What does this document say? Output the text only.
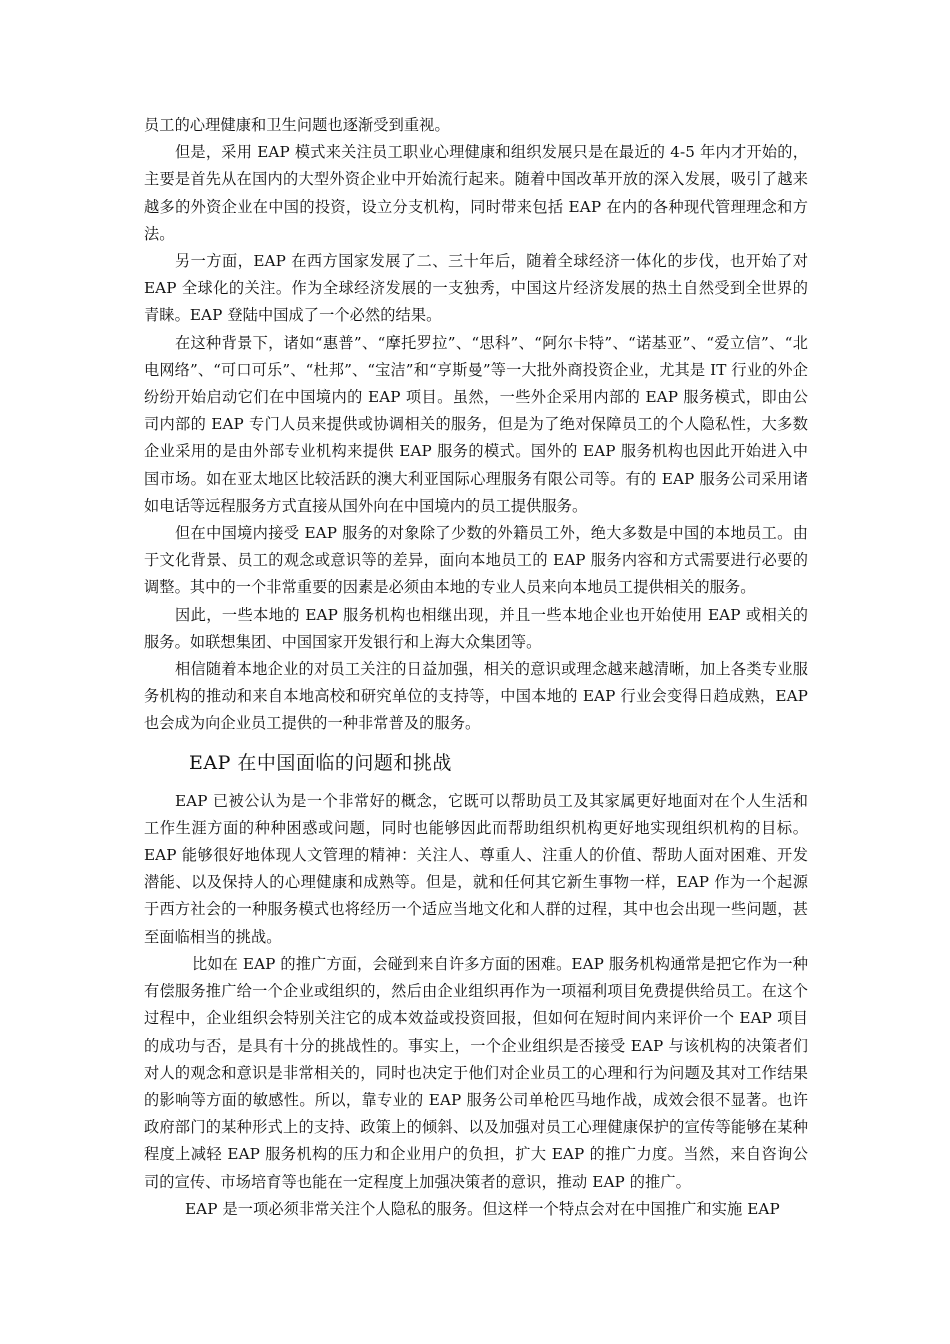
员工的心理健康和卫生问题也逐渐受到重视。

但是，采用 EAP 模式来关注员工职业心理健康和组织发展只是在最近的 4-5 年内才开始的，主要是首先从在国内的大型外资企业中开始流行起来。随着中国改革开放的深入发展，吸引了越来越多的外资企业在中国的投资，设立分支机构，同时带来包括 EAP 在内的各种现代管理理念和方法。

另一方面，EAP 在西方国家发展了二、三十年后，随着全球经济一体化的步伐，也开始了对 EAP 全球化的关注。作为全球经济发展的一支独秀，中国这片经济发展的热土自然受到全世界的青睐。EAP 登陆中国成了一个必然的结果。

在这种背景下，诸如“惠普”、“摩托罗拉”、“思科”、“阿尔卡特”、“诺基亚”、“爱立信”、“北电网络”、“可口可乐”、“杜邦”、“宝洁”和“亨斯曼”等一大批外商投资企业，尤其是 IT 行业的外企纷纷开始启动它们在中国境内的 EAP 项目。虽然，一些外企采用内部的 EAP 服务模式，即由公司内部的 EAP 专门人员来提供或协调相关的服务，但是为了绝对保障员工的个人隐私性，大多数企业采用的是由外部专业机构来提供 EAP 服务的模式。国外的 EAP 服务机构也因此开始进入中国市场。如在亚太地区比较活跃的澳大利亚国际心理服务有限公司等。有的 EAP 服务公司采用诸如电话等远程服务方式直接从国外向在中国境内的员工提供服务。

但在中国境内接受 EAP 服务的对象除了少数的外籍员工外，绝大多数是中国的本地员工。由于文化背景、员工的观念或意识等的差异，面向本地员工的 EAP 服务内容和方式需要进行必要的调整。其中的一个非常重要的因素是必须由本地的专业人员来向本地员工提供相关的服务。

因此，一些本地的 EAP 服务机构也相继出现，并且一些本地企业也开始使用 EAP 或相关的服务。如联想集团、中国国家开发银行和上海大众集团等。

相信随着本地企业的对员工关注的日益加强，相关的意识或理念越来越清晰，加上各类专业服务机构的推动和来自本地高校和研究单位的支持等，中国本地的 EAP 行业会变得日趋成熟，EAP 也会成为向企业员工提供的一种非常普及的服务。

EAP 在中国面临的问题和挑战

EAP 已被公认为是一个非常好的概念，它既可以帮助员工及其家属更好地面对在个人生活和工作生涯方面的种种困惑或问题，同时也能够因此而帮助组织机构更好地实现组织机构的目标。EAP 能够很好地体现人文管理的精神：关注人、尊重人、注重人的价值、帮助人面对困难、开发潜能、以及保持人的心理健康和成熟等。但是，就和任何其它新生事物一样，EAP 作为一个起源于西方社会的一种服务模式也将经历一个适应当地文化和人群的过程，其中也会出现一些问题，甚至面临相当的挑战。

比如在 EAP 的推广方面，会碰到来自许多方面的困难。EAP 服务机构通常是把它作为一种有偿服务推广给一个企业或组织的，然后由企业组织再作为一项福利项目免费提供给员工。在这个过程中，企业组织会特别关注它的成本效益或投资回报，但如何在短时间内来评价一个 EAP 项目的成功与否，是具有十分的挑战性的。事实上，一个企业组织是否接受 EAP 与该机构的决策者们对人的观念和意识是非常相关的，同时也决定于他们对企业员工的心理和行为问题及其对工作结果的影响等方面的敏感性。所以，靠专业的 EAP 服务公司单枪匹马地作战，成效会很不显著。也许政府部门的某种形式上的支持、政策上的倾斜、以及加强对员工心理健康保护的宣传等能够在某种程度上减轻 EAP 服务机构的压力和企业用户的负担，扩大 EAP 的推广力度。当然，来自咨询公司的宣传、市场培育等也能在一定程度上加强决策者的意识，推动 EAP 的推广。

EAP 是一项必须非常关注个人隐私的服务。但这样一个特点会对在中国推广和实施 EAP
